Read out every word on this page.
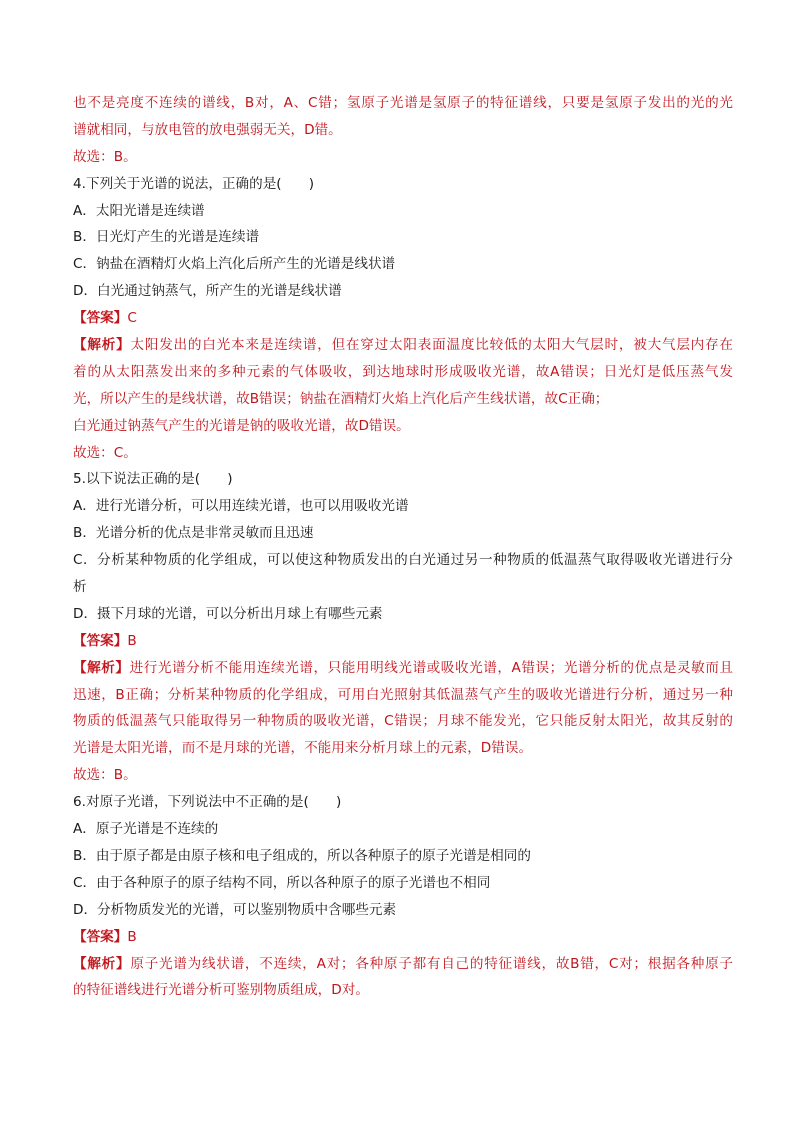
也不是亮度不连续的谱线，B对，A、C错；氢原子光谱是氢原子的特征谱线，只要是氢原子发出的光的光
谱就相同，与放电管的放电强弱无关，D错。
故选：B。
4.下列关于光谱的说法，正确的是(　　)
A．太阳光谱是连续谱
B．日光灯产生的光谱是连续谱
C．钠盐在酒精灯火焰上汽化后所产生的光谱是线状谱
D．白光通过钠蒸气，所产生的光谱是线状谱
【答案】C
【解析】太阳发出的白光本来是连续谱，但在穿过太阳表面温度比较低的太阳大气层时，被大气层内存在
着的从太阳蒸发出来的多种元素的气体吸收，到达地球时形成吸收光谱，故A错误；日光灯是低压蒸气发
光，所以产生的是线状谱，故B错误；钠盐在酒精灯火焰上汽化后产生线状谱，故C正确；
白光通过钠蒸气产生的光谱是钠的吸收光谱，故D错误。
故选：C。
5.以下说法正确的是(　　)
A．进行光谱分析，可以用连续光谱，也可以用吸收光谱
B．光谱分析的优点是非常灵敏而且迅速
C．分析某种物质的化学组成，可以使这种物质发出的白光通过另一种物质的低温蒸气取得吸收光谱进行分
析
D．摄下月球的光谱，可以分析出月球上有哪些元素
【答案】B
【解析】进行光谱分析不能用连续光谱，只能用明线光谱或吸收光谱，A错误；光谱分析的优点是灵敏而且
迅速，B正确；分析某种物质的化学组成，可用白光照射其低温蒸气产生的吸收光谱进行分析，通过另一种
物质的低温蒸气只能取得另一种物质的吸收光谱，C错误；月球不能发光，它只能反射太阳光，故其反射的
光谱是太阳光谱，而不是月球的光谱，不能用来分析月球上的元素，D错误。
故选：B。
6.对原子光谱，下列说法中不正确的是(　　)
A．原子光谱是不连续的
B．由于原子都是由原子核和电子组成的，所以各种原子的原子光谱是相同的
C．由于各种原子的原子结构不同，所以各种原子的原子光谱也不相同
D．分析物质发光的光谱，可以鉴别物质中含哪些元素
【答案】B
【解析】原子光谱为线状谱，不连续，A对；各种原子都有自己的特征谱线，故B错，C对；根据各种原子
的特征谱线进行光谱分析可鉴别物质组成，D对。
